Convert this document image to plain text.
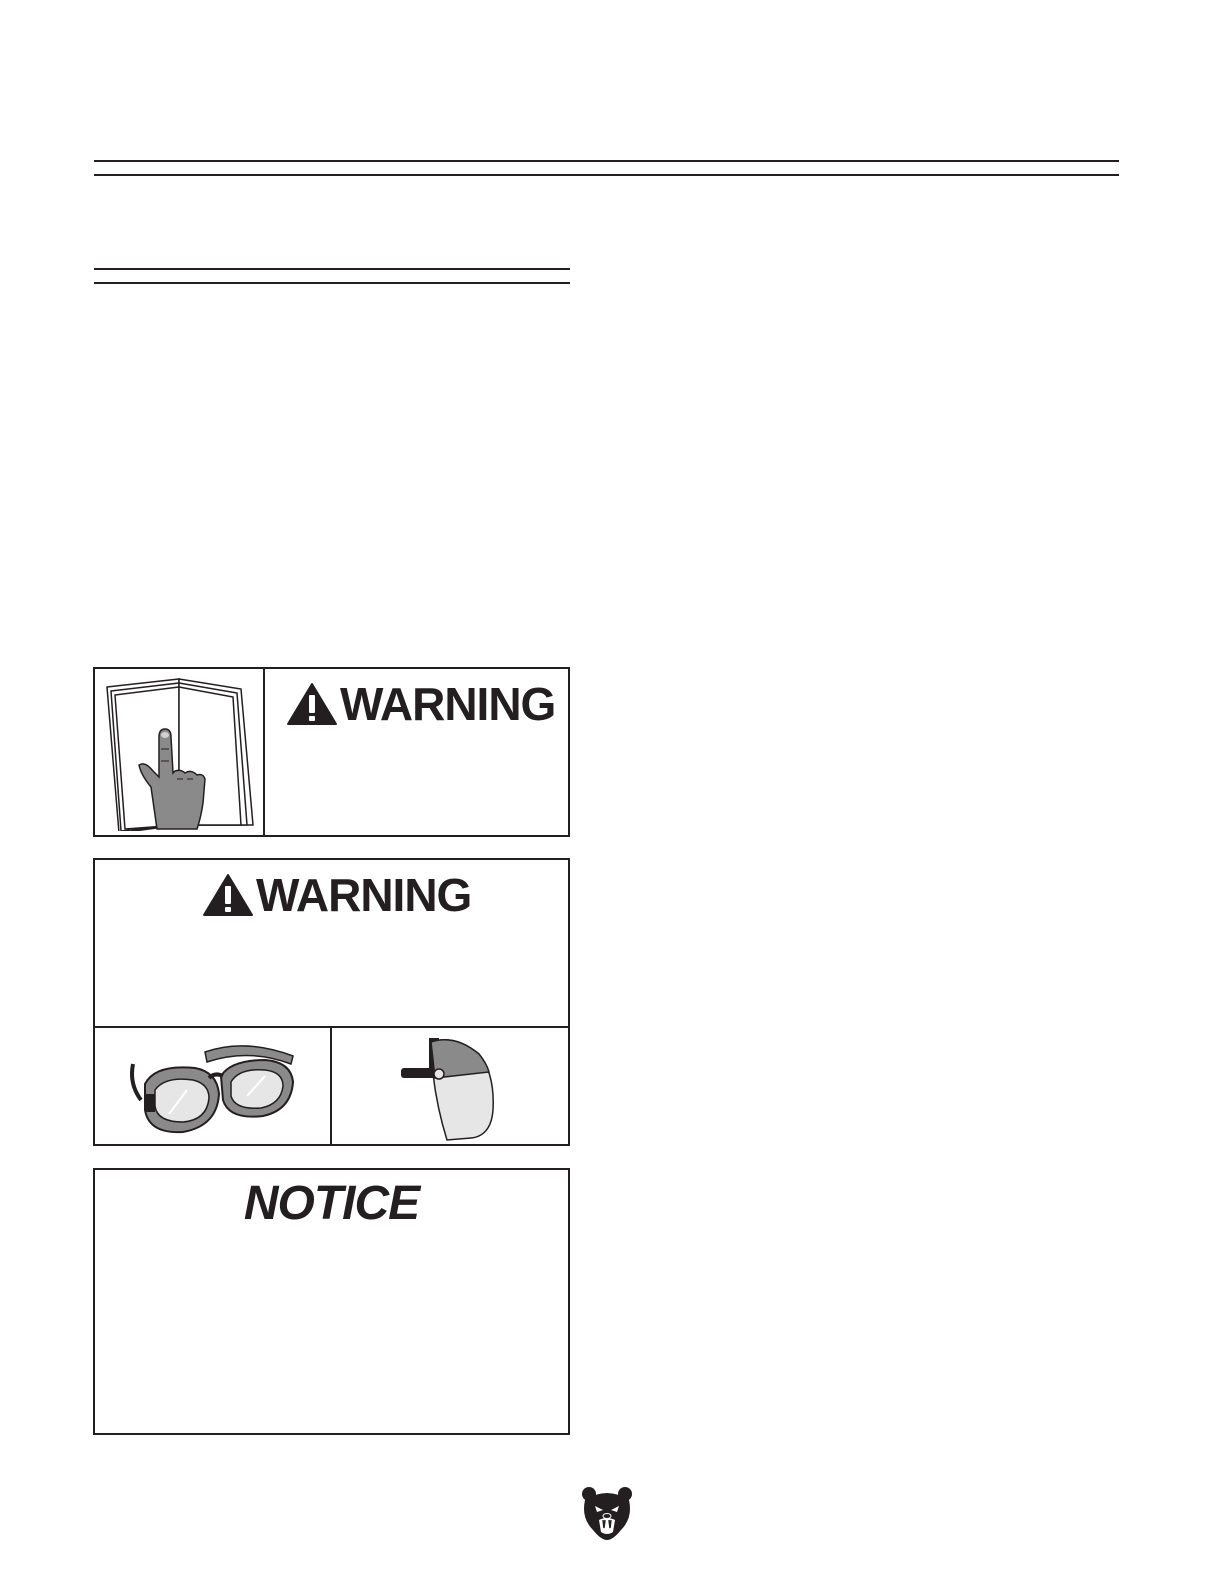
WARNING
WARNING
NOTICE
